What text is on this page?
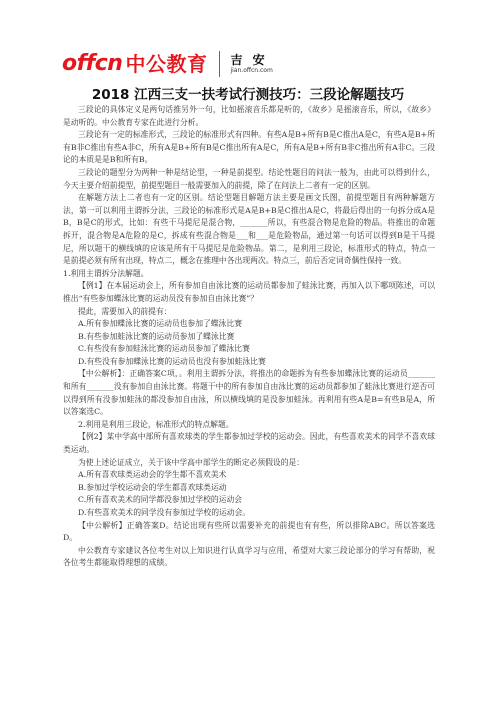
offcn 中公教育 吉 安
jian.offcn.com
2018 江西三支一扶考试行测技巧：三段论解题技巧

三段论的具体定义是两句话推另外一句，比如摇滚音乐都是听的，《故乡》是摇滚音乐，所以，《故乡》是动听的。中公教育专家在此进行分析。

三段论有一定的标准形式，三段论的标准形式有四种。有些A是B+所有B是C推出A是C，有些A是B+所有B非C推出有些A非C，所有A是B+所有B是C推出所有A是C，所有A是B+所有B非C推出所有A非C。三段论的本质是是B和所有B。

三段论的题型分为两种一种是结论型，一种是前提型。结论性题目的问法一般为，由此可以得到什么，今天主要介绍前提型，前提型题目一般需要加入的前提，除了在问法上二者有一定的区别。

在解题方法上二者也有一定的区别。结论型题目解题方法主要是画文氏图，前提型题目有两种解题方法，第一可以利用主谓拆分法，三段论的标准形式是A是B+B是C推出A是C，将最后得出的一句拆分成A是B，B是C的形式，比如：有些干马提尼是混合物，_______所以，有些混合物是危险的物品。将推出的命题拆开，混合物是A危险的是C，拆成有些混合物是___和___是危险物品，通过第一句话可以得到B是干马提尼，所以题干的横线填的应该是所有干马提尼是危险物品。第二，是利用三段论，标准形式的特点，特点一是前提必须有所有出现，特点二，概念在推理中各出现两次。特点三，前后否定词奇偶性保持一致。

1.利用主谓拆分法解题。

【例1】在本届运动会上，所有参加自由泳比赛的运动员都参加了蛙泳比赛，再加入以下哪项陈述，可以推出“有些参加蝶泳比赛的运动员没有参加自由泳比赛”？

提此，需要加入的前提有：

A.所有参加蝶泳比赛的运动员也参加了蝶泳比赛

B.有些参加蛙泳比赛的运动员参加了蝶泳比赛

C.有些没有参加蛙泳比赛的运动员参加了蝶泳比赛

D.有些没有参加蝶泳比赛的运动员也没有参加蛙泳比赛

【中公解析】：正确答案C项，。利用主谓拆分法，将推出的命题拆为有些参加蝶泳比赛的运动员_______和所有_______没有参加自由泳比赛。将题干中的所有参加自由泳比赛的运动员都参加了蛙泳比赛进行逆否可以得到所有没参加蛙泳的都没参加自由泳，所以横线填的是没参加蛙泳。再利用有些A是B=有些B是A，所以答案选C。

2.利用是利用三段论，标准形式的特点解题。

【例2】某中学高中部所有喜欢球类的学生都参加过学校的运动会。因此，有些喜欢美术的同学不喜欢球类运动。

为使上述论证成立，关于该中学高中部学生的断定必须假设的是：

A.所有喜欢球类运动会的学生都不喜欢美术

B.参加过学校运动会的学生都喜欢球类运动

C.所有喜欢美术的同学都没参加过学校的运动会

D.有些喜欢美术的同学没有参加过学校的运动会。

【中公解析】正确答案D。结论出现有些所以需要补充的前提也有有些，所以排除ABC。所以答案选D。

中公教育专家建议各位考生对以上知识进行认真学习与应用，希望对大家三段论部分的学习有帮助，祝各位考生都能取得理想的成绩。
